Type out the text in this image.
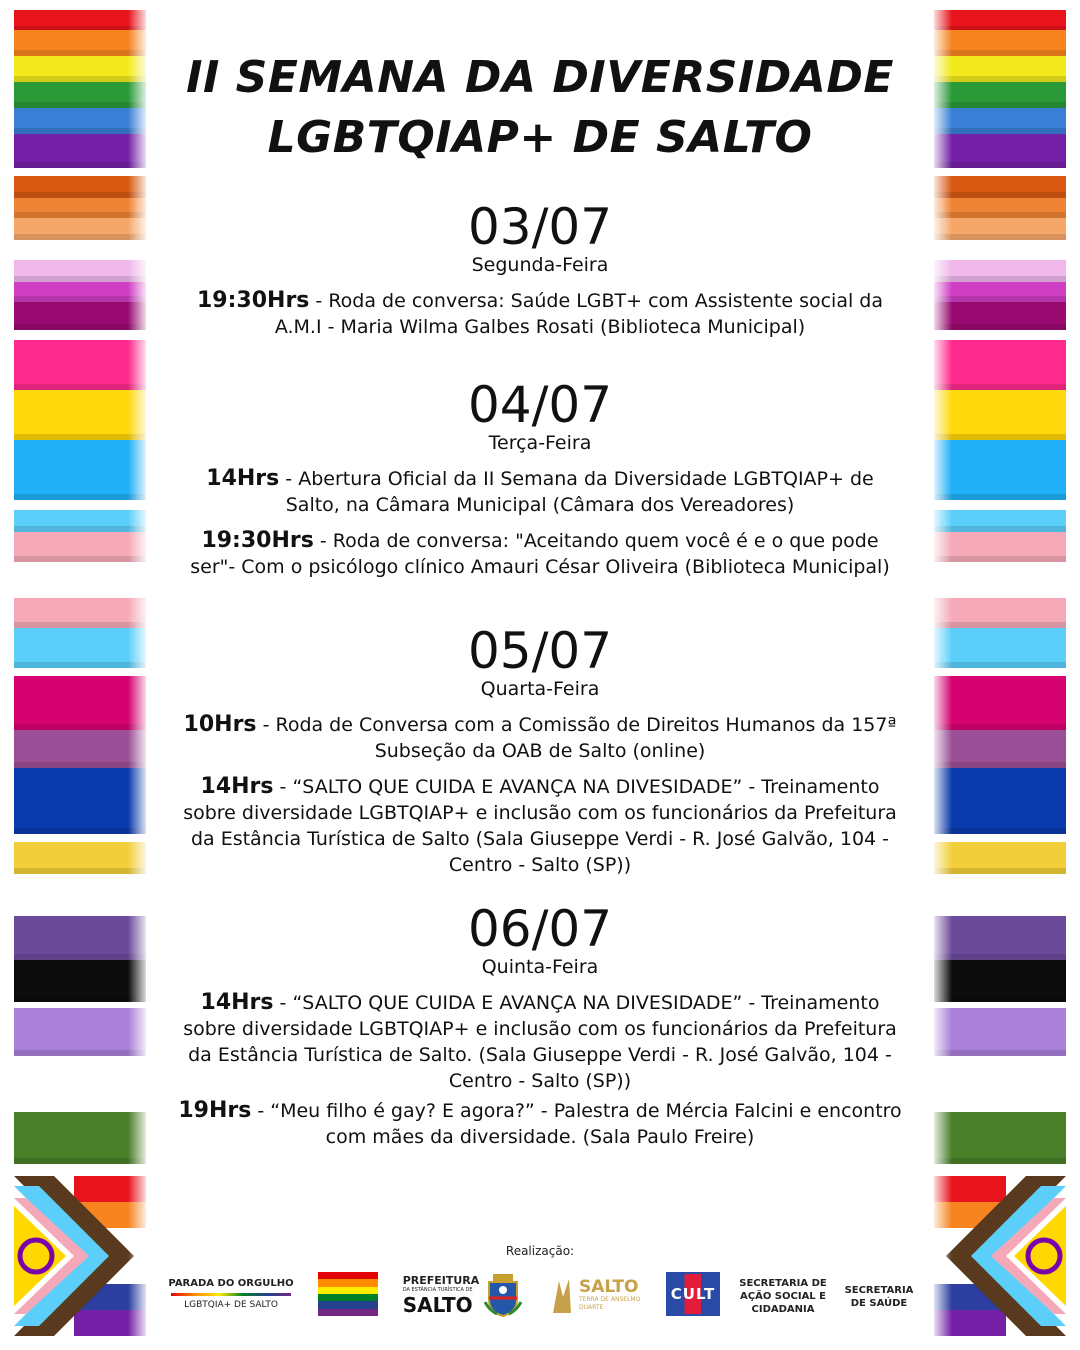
II SEMANA DA DIVERSIDADE
LGBTQIAP+ DE SALTO
03/07
Segunda-Feira
19:30Hrs - Roda de conversa: Saúde LGBT+ com Assistente social da A.M.I - Maria Wilma Galbes Rosati (Biblioteca Municipal)
04/07
Terça-Feira
14Hrs - Abertura Oficial da II Semana da Diversidade LGBTQIAP+ de Salto, na Câmara Municipal (Câmara dos Vereadores)
19:30Hrs - Roda de conversa: "Aceitando quem você é e o que pode ser"- Com o psicólogo clínico Amauri César Oliveira (Biblioteca Municipal)
05/07
Quarta-Feira
10Hrs - Roda de Conversa com a Comissão de Direitos Humanos da 157ª Subseção da OAB de Salto (online)
14Hrs - “SALTO QUE CUIDA E AVANÇA NA DIVESIDADE” - Treinamento sobre diversidade LGBTQIAP+ e inclusão com os funcionários da Prefeitura da Estância Turística de Salto (Sala Giuseppe Verdi - R. José Galvão, 104 - Centro - Salto (SP))
06/07
Quinta-Feira
14Hrs - “SALTO QUE CUIDA E AVANÇA NA DIVESIDADE” - Treinamento sobre diversidade LGBTQIAP+ e inclusão com os funcionários da Prefeitura da Estância Turística de Salto. (Sala Giuseppe Verdi - R. José Galvão, 104 - Centro - Salto (SP))
19Hrs - “Meu filho é gay? E agora?” - Palestra de Mércia Falcini e encontro com mães da diversidade. (Sala Paulo Freire)
Realização:
PARADA DO ORGULHO
LGBTQIA+ DE SALTO
PREFEITURA
DA ESTÂNCIA TURÍSTICA DE
SALTO
SALTO
TERRA DE ANSELMO DUARTE
CULT
SECRETARIA DE AÇÃO SOCIAL E CIDADANIA
SECRETARIA DE SAÚDE
